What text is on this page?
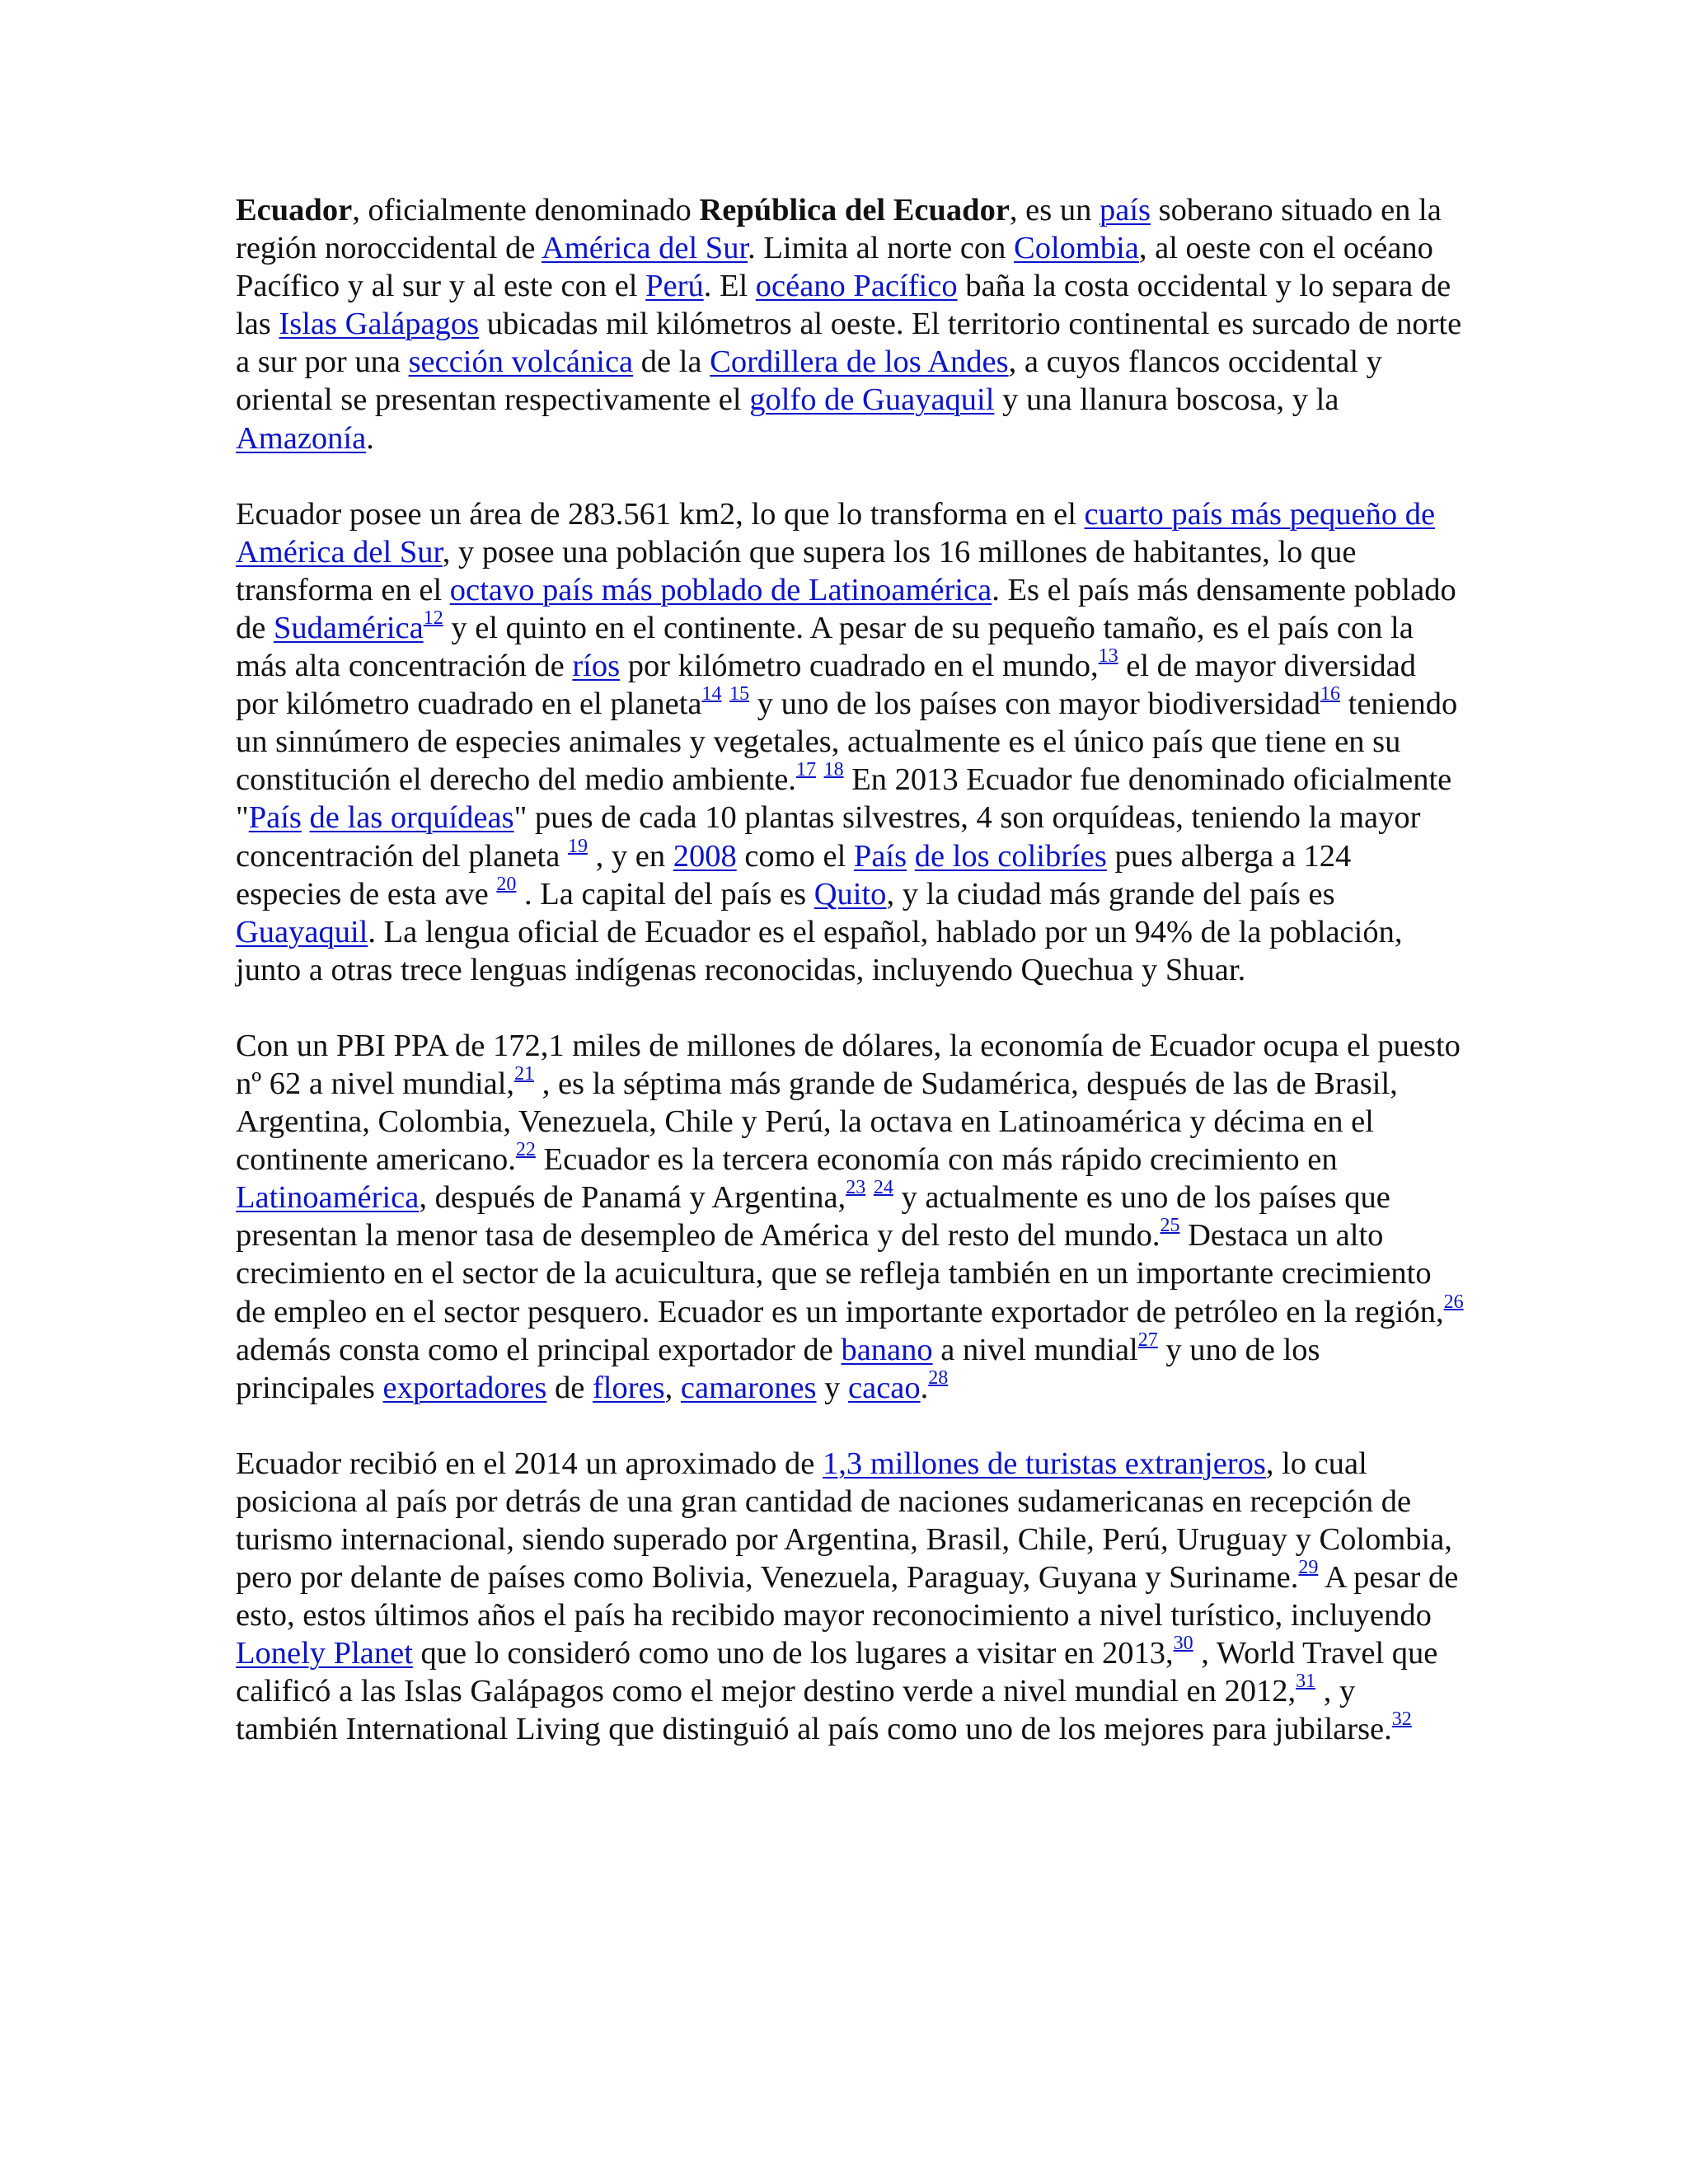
Ecuador, oficialmente denominado República del Ecuador, es un país soberano situado en la región noroccidental de América del Sur. Limita al norte con Colombia, al oeste con el océano Pacífico y al sur y al este con el Perú. El océano Pacífico baña la costa occidental y lo separa de las Islas Galápagos ubicadas mil kilómetros al oeste. El territorio continental es surcado de norte a sur por una sección volcánica de la Cordillera de los Andes, a cuyos flancos occidental y oriental se presentan respectivamente el golfo de Guayaquil y una llanura boscosa, y la Amazonía.

Ecuador posee un área de 283.561 km2, lo que lo transforma en el cuarto país más pequeño de América del Sur, y posee una población que supera los 16 millones de habitantes, lo que transforma en el octavo país más poblado de Latinoamérica. Es el país más densamente poblado de Sudamérica$^{12}$ y el quinto en el continente. A pesar de su pequeño tamaño, es el país con la más alta concentración de ríos por kilómetro cuadrado en el mundo,$^{13}$ el de mayor diversidad por kilómetro cuadrado en el planeta$^{14}$ $^{15}$ y uno de los países con mayor biodiversidad$^{16}$ teniendo un sinnúmero de especies animales y vegetales, actualmente es el único país que tiene en su constitución el derecho del medio ambiente.$^{17}$ $^{18}$ En 2013 Ecuador fue denominado oficialmente "País de las orquídeas" pues de cada 10 plantas silvestres, 4 son orquídeas, teniendo la mayor concentración del planeta $^{19}$ , y en 2008 como el País de los colibríes pues alberga a 124 especies de esta ave $^{20}$ . La capital del país es Quito, y la ciudad más grande del país es Guayaquil. La lengua oficial de Ecuador es el español, hablado por un 94% de la población, junto a otras trece lenguas indígenas reconocidas, incluyendo Quechua y Shuar.

Con un PBI PPA de 172,1 miles de millones de dólares, la economía de Ecuador ocupa el puesto nº 62 a nivel mundial,$^{21}$ , es la séptima más grande de Sudamérica, después de las de Brasil, Argentina, Colombia, Venezuela, Chile y Perú, la octava en Latinoamérica y décima en el continente americano.$^{22}$ Ecuador es la tercera economía con más rápido crecimiento en Latinoamérica, después de Panamá y Argentina,$^{23}$ $^{24}$ y actualmente es uno de los países que presentan la menor tasa de desempleo de América y del resto del mundo.$^{25}$ Destaca un alto crecimiento en el sector de la acuicultura, que se refleja también en un importante crecimiento de empleo en el sector pesquero. Ecuador es un importante exportador de petróleo en la región,$^{26}$ además consta como el principal exportador de banano a nivel mundial$^{27}$ y uno de los principales exportadores de flores, camarones y cacao.$^{28}$

Ecuador recibió en el 2014 un aproximado de 1,3 millones de turistas extranjeros, lo cual posiciona al país por detrás de una gran cantidad de naciones sudamericanas en recepción de turismo internacional, siendo superado por Argentina, Brasil, Chile, Perú, Uruguay y Colombia, pero por delante de países como Bolivia, Venezuela, Paraguay, Guyana y Suriname.$^{29}$ A pesar de esto, estos últimos años el país ha recibido mayor reconocimiento a nivel turístico, incluyendo Lonely Planet que lo consideró como uno de los lugares a visitar en 2013,30 , World Travel que calificó a las Islas Galápagos como el mejor destino verde a nivel mundial en 2012,31 , y también International Living que distinguió al país como uno de los mejores para jubilarse.$^{32}$
